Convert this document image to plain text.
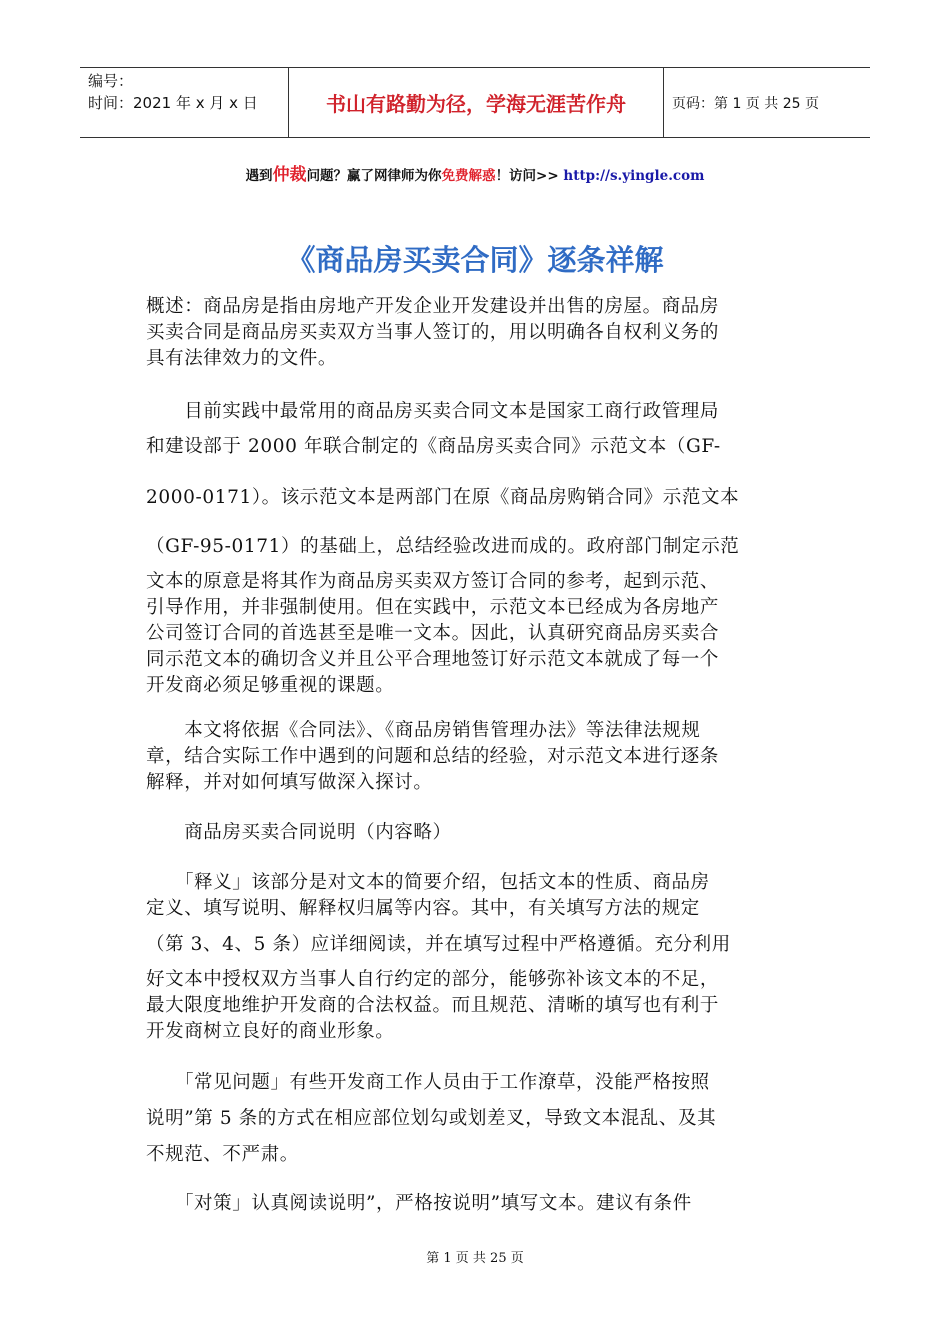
编号：
时间：2021 年 x 月 x 日	书山有路勤为径，学海无涯苦作舟	页码：第 1 页 共 25 页
遇到仲裁问题？赢了网律师为你免费解惑！访问>> http://s.yingle.com
《商品房买卖合同》逐条祥解
概述：商品房是指由房地产开发企业开发建设并出售的房屋。商品房
买卖合同是商品房买卖双方当事人签订的，用以明确各自权利义务的
具有法律效力的文件。
　　目前实践中最常用的商品房买卖合同文本是国家工商行政管理局
和建设部于 2000 年联合制定的《商品房买卖合同》示范文本（GF-
2000-0171）。该示范文本是两部门在原《商品房购销合同》示范文本
（GF-95-0171）的基础上，总结经验改进而成的。政府部门制定示范
文本的原意是将其作为商品房买卖双方签订合同的参考，起到示范、
引导作用，并非强制使用。但在实践中，示范文本已经成为各房地产
公司签订合同的首选甚至是唯一文本。因此，认真研究商品房买卖合
同示范文本的确切含义并且公平合理地签订好示范文本就成了每一个
开发商必须足够重视的课题。
　　本文将依据《合同法》、《商品房销售管理办法》等法律法规规
章，结合实际工作中遇到的问题和总结的经验，对示范文本进行逐条
解释，并对如何填写做深入探讨。
　　商品房买卖合同说明（内容略）
　　「释义」该部分是对文本的简要介绍，包括文本的性质、商品房
定义、填写说明、解释权归属等内容。其中，有关填写方法的规定
（第 3、4、5 条）应详细阅读，并在填写过程中严格遵循。充分利用
好文本中授权双方当事人自行约定的部分，能够弥补该文本的不足，
最大限度地维护开发商的合法权益。而且规范、清晰的填写也有利于
开发商树立良好的商业形象。
　　「常见问题」有些开发商工作人员由于工作潦草，没能严格按照
说明”第 5 条的方式在相应部位划勾或划差叉，导致文本混乱、及其
不规范、不严肃。
　　「对策」认真阅读说明”，严格按说明”填写文本。建议有条件
第 1 页 共 25 页
